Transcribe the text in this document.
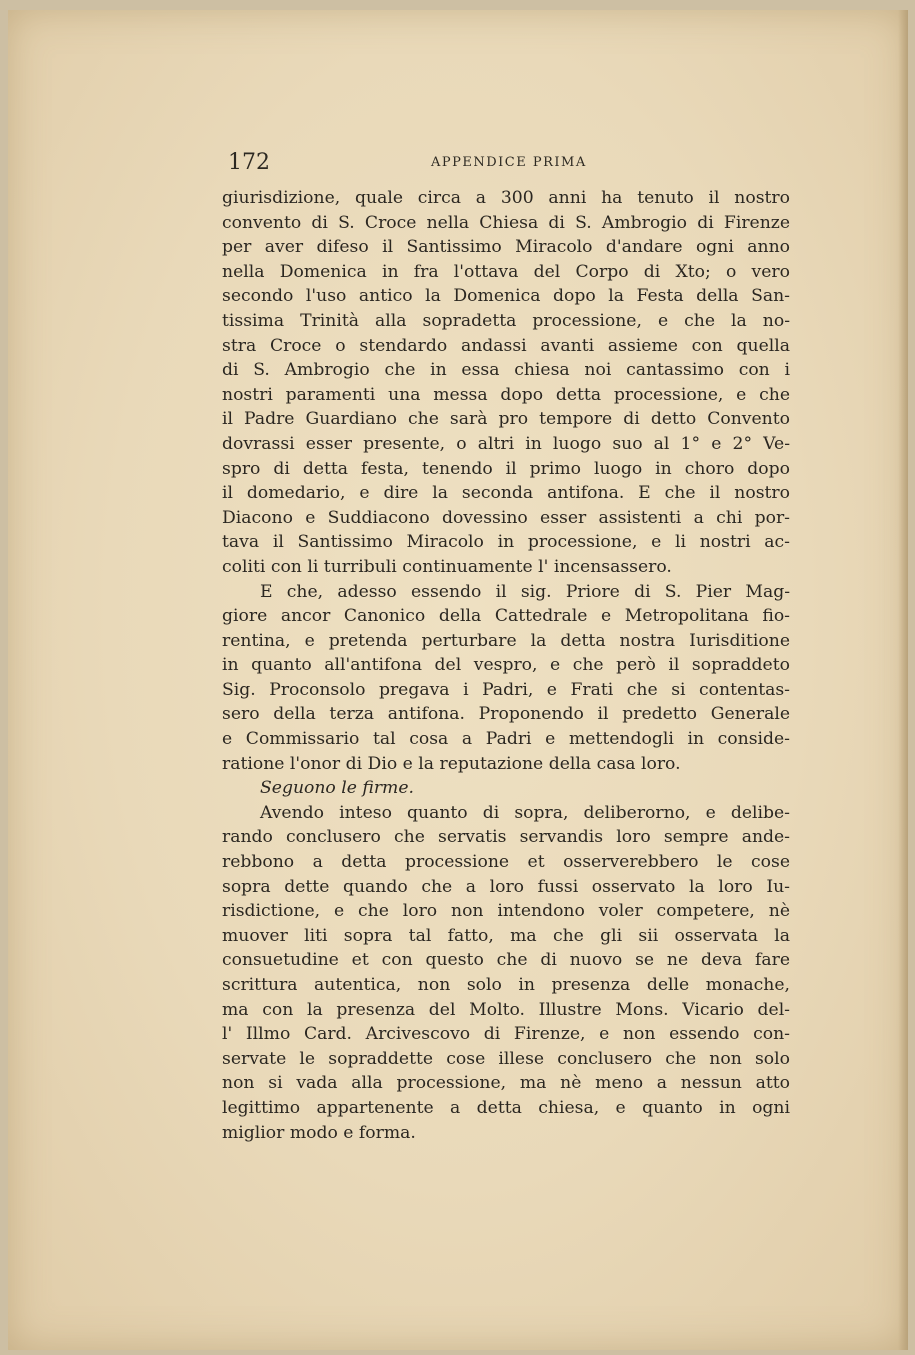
172	APPENDICE PRIMA
giurisdizione, quale circa a 300 anni ha tenuto il nostro
convento di S. Croce nella Chiesa di S. Ambrogio di Firenze
per aver difeso il Santissimo Miracolo d'andare ogni anno
nella Domenica in fra l'ottava del Corpo di Xto; o vero
secondo l'uso antico la Domenica dopo la Festa della San-
tissima Trinità alla sopradetta processione, e che la no-
stra Croce o stendardo andassi avanti assieme con quella
di S. Ambrogio che in essa chiesa noi cantassimo con i
nostri paramenti una messa dopo detta processione, e che
il Padre Guardiano che sarà pro tempore di detto Convento
dovrassi esser presente, o altri in luogo suo al 1° e 2° Ve-
spro di detta festa, tenendo il primo luogo in choro dopo
il domedario, e dire la seconda antifona. E che il nostro
Diacono e Suddiacono dovessino esser assistenti a chi por-
tava il Santissimo Miracolo in processione, e li nostri ac-
coliti con li turribuli continuamente l' incensassero.
E che, adesso essendo il sig. Priore di S. Pier Mag-
giore ancor Canonico della Cattedrale e Metropolitana fio-
rentina, e pretenda perturbare la detta nostra Iurisditione
in quanto all'antifona del vespro, e che però il sopraddeto
Sig. Proconsolo pregava i Padri, e Frati che si contentas-
sero della terza antifona. Proponendo il predetto Generale
e Commissario tal cosa a Padri e mettendogli in conside-
ratione l'onor di Dio e la reputazione della casa loro.
Seguono le firme.
Avendo inteso quanto di sopra, deliberorno, e delibe-
rando conclusero che servatis servandis loro sempre ande-
rebbono a detta processione et osserverebbero le cose
sopra dette quando che a loro fussi osservato la loro Iu-
risdictione, e che loro non intendono voler competere, nè
muover liti sopra tal fatto, ma che gli sii osservata la
consuetudine et con questo che di nuovo se ne deva fare
scrittura autentica, non solo in presenza delle monache,
ma con la presenza del Molto. Illustre Mons. Vicario del-
l' Illmo Card. Arcivescovo di Firenze, e non essendo con-
servate le sopraddette cose illese conclusero che non solo
non si vada alla processione, ma nè meno a nessun atto
legittimo appartenente a detta chiesa, e quanto in ogni
miglior modo e forma.
